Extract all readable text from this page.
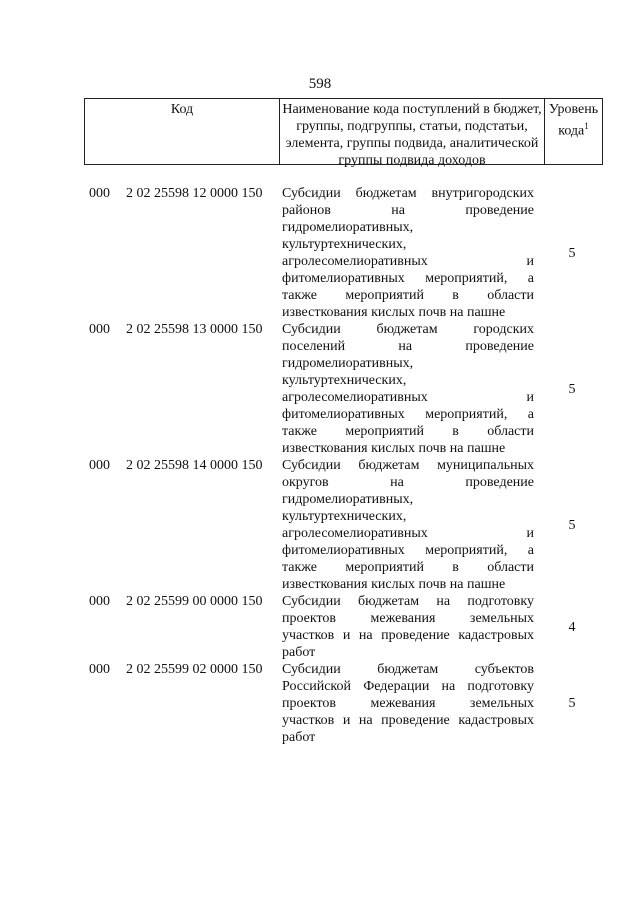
598
Код	Наименование кода поступлений в бюджет, группы, подгруппы, статьи, подстатьи, элемента, группы подвида, аналитической группы подвида доходов
Уровень кода$^1$
000 2 02 25598 12 0000 150 Субсидии бюджетам внутригородских
районов на проведение
гидромелиоративных,
культуртехнических,
агролесомелиоративных и
фитомелиоративных мероприятий, а
также мероприятий в области
известкования кислых почв на пашне
5
000 2 02 25598 13 0000 150 Субсидии бюджетам городских
поселений на проведение
гидромелиоративных,
культуртехнических,
агролесомелиоративных и
фитомелиоративных мероприятий, а
также мероприятий в области
известкования кислых почв на пашне
5
000 2 02 25598 14 0000 150 Субсидии бюджетам муниципальных
округов на проведение
гидромелиоративных,
культуртехнических,
агролесомелиоративных и
фитомелиоративных мероприятий, а
также мероприятий в области
известкования кислых почв на пашне
5
000 2 02 25599 00 0000 150 Субсидии бюджетам на подготовку
проектов межевания земельных
участков и на проведение кадастровых
работ
4
000 2 02 25599 02 0000 150 Субсидии бюджетам субъектов
Российской Федерации на подготовку
проектов межевания земельных
участков и на проведение кадастровых
работ
5
